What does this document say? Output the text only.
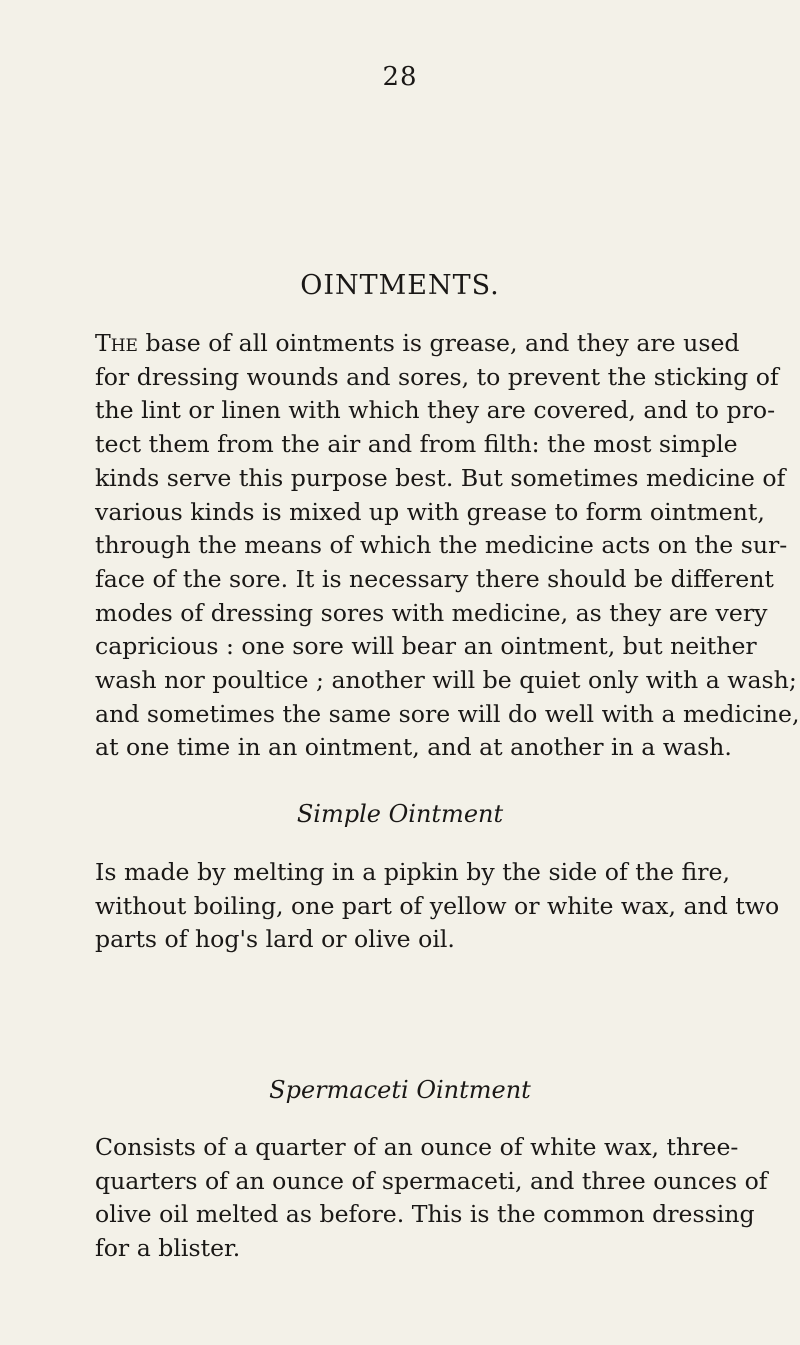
28
OINTMENTS.
The base of all ointments is grease, and they are used
for dressing wounds and sores, to prevent the sticking of
the lint or linen with which they are covered, and to pro-
tect them from the air and from filth: the most simple
kinds serve this purpose best. But sometimes medicine of
various kinds is mixed up with grease to form ointment,
through the means of which the medicine acts on the sur-
face of the sore. It is necessary there should be different
modes of dressing sores with medicine, as they are very
capricious : one sore will bear an ointment, but neither
wash nor poultice ; another will be quiet only with a wash;
and sometimes the same sore will do well with a medicine,
at one time in an ointment, and at another in a wash.
Simple Ointment
Is made by melting in a pipkin by the side of the fire,
without boiling, one part of yellow or white wax, and two
parts of hog's lard or olive oil.
Spermaceti Ointment
Consists of a quarter of an ounce of white wax, three-
quarters of an ounce of spermaceti, and three ounces of
olive oil melted as before. This is the common dressing
for a blister.
